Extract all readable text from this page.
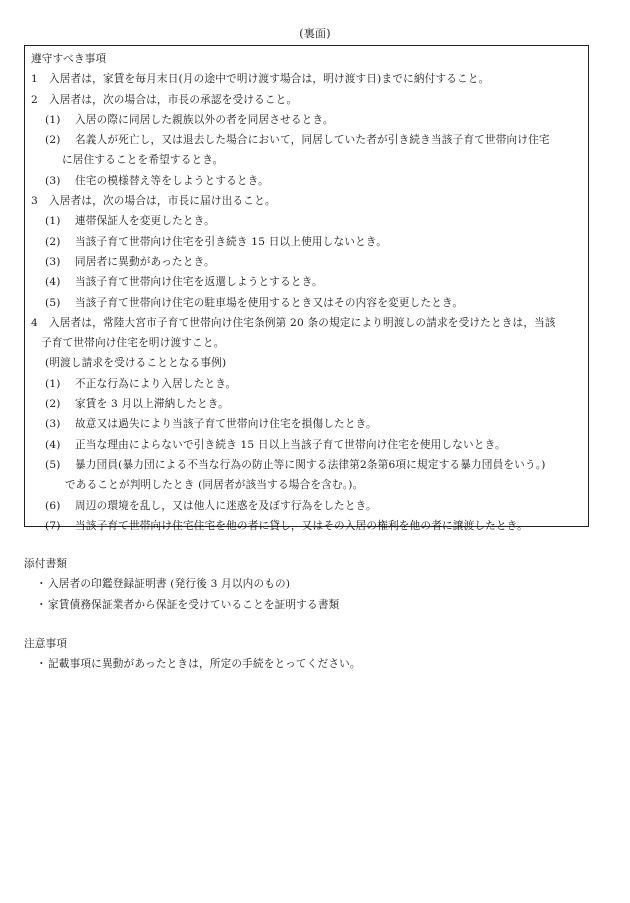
(裏面)
遵守すべき事項
1 入居者は，家賃を毎月末日(月の途中で明け渡す場合は，明け渡す日)までに納付すること。
2 入居者は，次の場合は，市長の承認を受けること。
(1) 入居の際に同居した親族以外の者を同居させるとき。
(2) 名義人が死亡し，又は退去した場合において，同居していた者が引き続き当該子育て世帯向け住宅
に居住することを希望するとき。
(3) 住宅の模様替え等をしようとするとき。
3 入居者は，次の場合は，市長に届け出ること。
(1) 連帯保証人を変更したとき。
(2) 当該子育て世帯向け住宅を引き続き 15 日以上使用しないとき。
(3) 同居者に異動があったとき。
(4) 当該子育て世帯向け住宅を返還しようとするとき。
(5) 当該子育て世帯向け住宅の駐車場を使用するとき又はその内容を変更したとき。
4 入居者は，常陸大宮市子育て世帯向け住宅条例第 20 条の規定により明渡しの請求を受けたときは，当該
子育て世帯向け住宅を明け渡すこと。
(明渡し請求を受けることとなる事例)
(1) 不正な行為により入居したとき。
(2) 家賃を 3 月以上滞納したとき。
(3) 故意又は過失により当該子育て世帯向け住宅を損傷したとき。
(4) 正当な理由によらないで引き続き 15 日以上当該子育て世帯向け住宅を使用しないとき。
(5) 暴力団員(暴力団による不当な行為の防止等に関する法律第2条第6項に規定する暴力団員をいう。)
であることが判明したとき (同居者が該当する場合を含む。)。
(6) 周辺の環境を乱し，又は他人に迷惑を及ぼす行為をしたとき。
(7) 当該子育て世帯向け住宅住宅を他の者に貸し，又はその入居の権利を他の者に譲渡したとき。
添付書類
・入居者の印鑑登録証明書 (発行後 3 月以内のもの)
・家賃債務保証業者から保証を受けていることを証明する書類
注意事項
・記載事項に異動があったときは，所定の手続をとってください。
